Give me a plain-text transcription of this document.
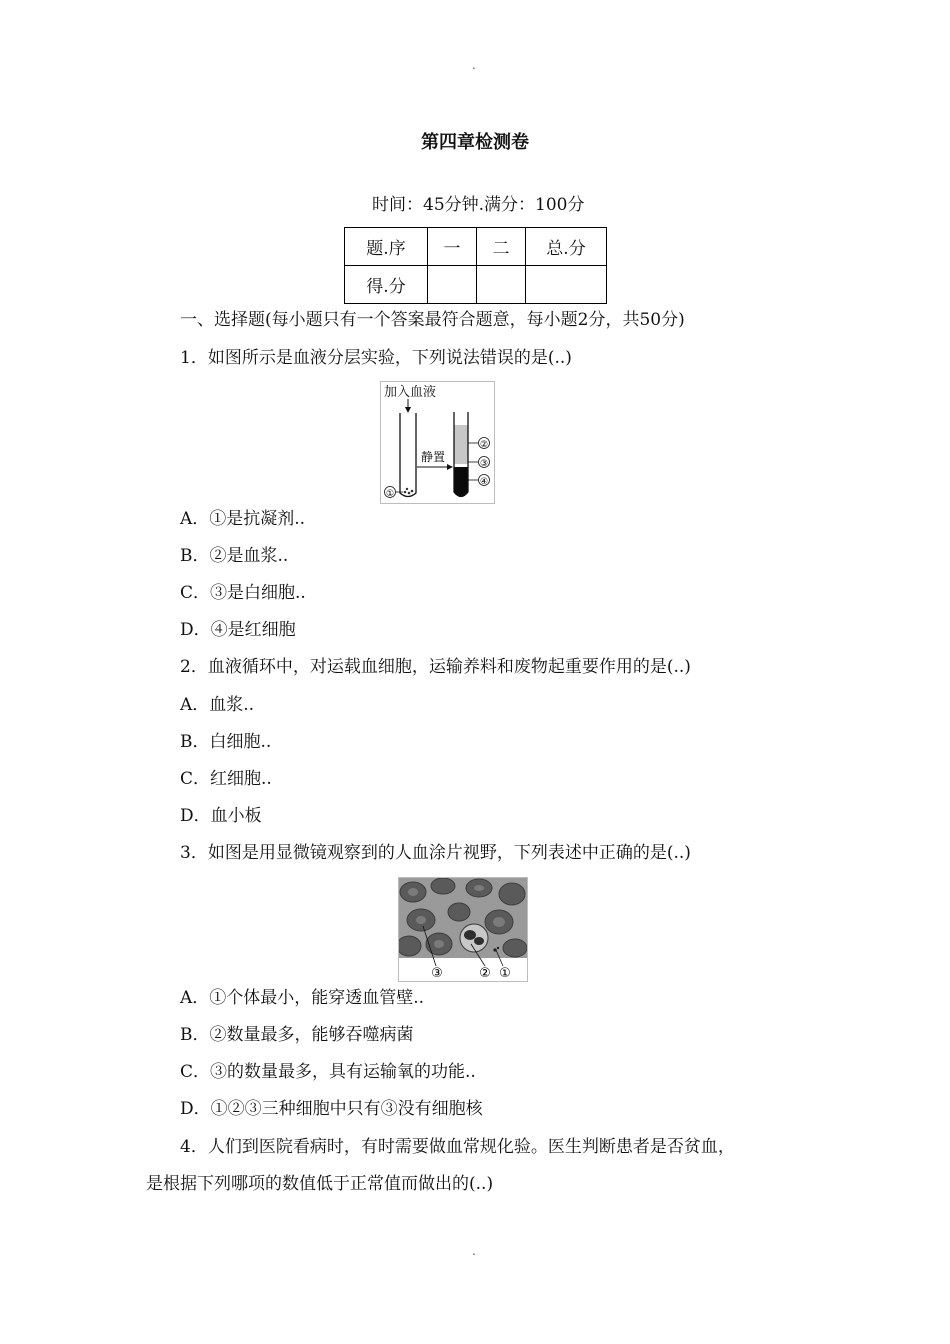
.
第四章检测卷
时间：45分钟.满分：100分
题.序	一	二	总.分
得.分			
一、选择题(每小题只有一个答案最符合题意，每小题2分，共50分)
1．如图所示是血液分层实验，下列说法错误的是(..)
加入血液
①
静置
②
③
④
A．①是抗凝剂..
B．②是血浆..
C．③是白细胞..
D．④是红细胞
2．血液循环中，对运载血细胞，运输养料和废物起重要作用的是(..)
A．血浆..
B．白细胞..
C．红细胞..
D．血小板
3．如图是用显微镜观察到的人血涂片视野，下列表述中正确的是(..)
③	② ①
A．①个体最小，能穿透血管壁..
B．②数量最多，能够吞噬病菌
C．③的数量最多，具有运输氧的功能..
D．①②③三种细胞中只有③没有细胞核
4．人们到医院看病时，有时需要做血常规化验。医生判断患者是否贫血，
是根据下列哪项的数值低于正常值而做出的(..)
.
